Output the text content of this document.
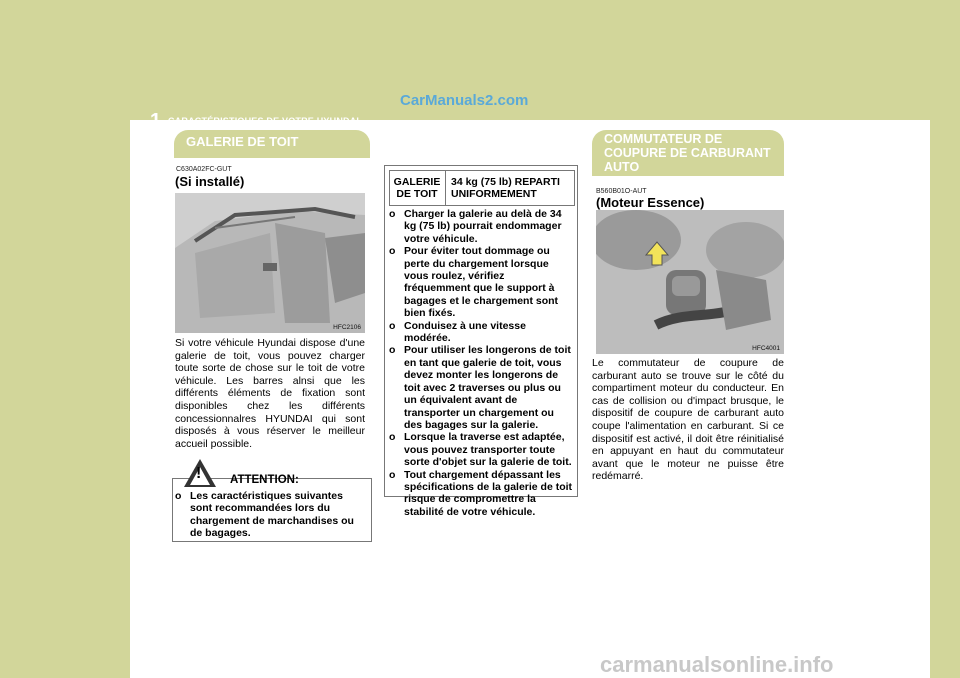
CarManuals2.com
1 CARACTÉRISTIQUES DE VOTRE HYUNDAI
82	GALERIE DE TOIT
C630A02FC-GUT
(Si installé)
HFC2106
Si votre véhicule Hyundai dispose d'une galerie de toit, vous pouvez charger toute sorte de chose sur le toit de votre véhicule. Les barres alnsi que les différents éléments de fixation sont disponibles chez les différents concessionnalres HYUNDAI qui sont disposés à vous réserver le meilleur accueil possible.
! ATTENTION:
o Les caractéristiques suivantes sont recommandées lors du chargement de marchandises ou de bagages.
GALERIE DE TOIT
34 kg (75 lb) REPARTI UNIFORMEMENT
o Charger la galerie au delà de 34 kg (75 lb) pourrait endommager votre véhicule.
o Pour éviter tout dommage ou perte du chargement lorsque vous roulez, vérifiez fréquemment que le support à bagages et le chargement sont bien fixés.
o Conduisez à une vitesse modérée.
o Pour utiliser les longerons de toit en tant que galerie de toit, vous devez monter les longerons de toit avec 2 traverses ou plus ou un équivalent avant de transporter un chargement ou des bagages sur la galerie.
o Lorsque la traverse est adaptée, vous pouvez transporter toute sorte d'objet sur la galerie de toit.
o Tout chargement dépassant les spécifications de la galerie de toit risque de compromettre la stabilité de votre véhicule.
COMMUTATEUR DE
COUPURE DE CARBURANT
AUTO
B560B01O-AUT
(Moteur Essence)
HFC4001
Le commutateur de coupure de carburant auto se trouve sur le côté du compartiment moteur du conducteur. En cas de collision ou d'impact brusque, le dispositif de coupure de carburant auto coupe l'alimentation en carburant. Si ce dispositif est activé, il doit être réinitialisé en appuyant en haut du commutateur avant que le moteur ne puisse être redémarré.
carmanualsonline.info
